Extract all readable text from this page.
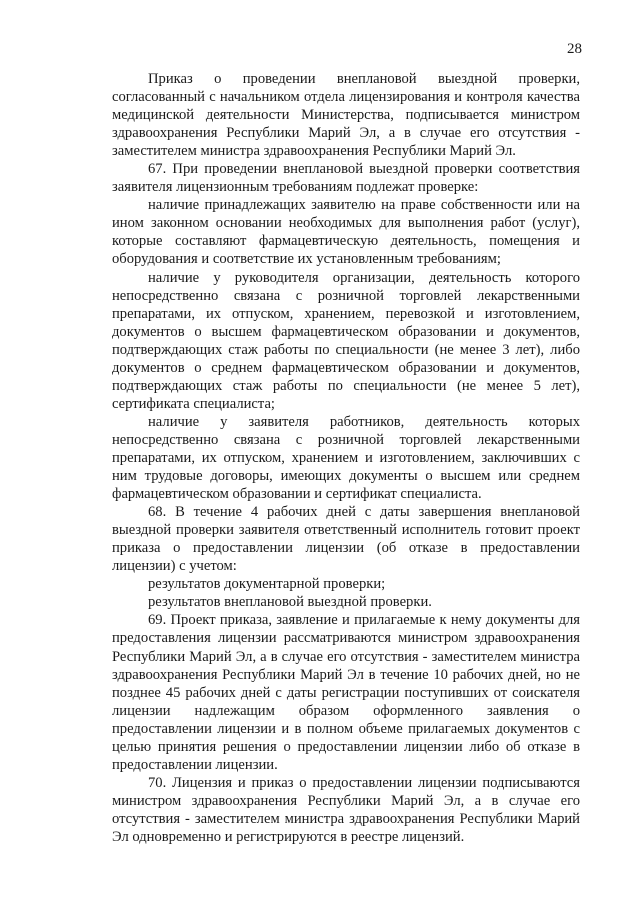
28

Приказ о проведении внеплановой выездной проверки, согласованный с начальником отдела лицензирования и контроля качества медицинской деятельности Министерства, подписывается министром здравоохранения Республики Марий Эл, а в случае его отсутствия - заместителем министра здравоохранения Республики Марий Эл.

67. При проведении внеплановой выездной проверки соответствия заявителя лицензионным требованиям подлежат проверке:

наличие принадлежащих заявителю на праве собственности или на ином законном основании необходимых для выполнения работ (услуг), которые составляют фармацевтическую деятельность, помещения и оборудования и соответствие их установленным требованиям;

наличие у руководителя организации, деятельность которого непосредственно связана с розничной торговлей лекарственными препаратами, их отпуском, хранением, перевозкой и изготовлением, документов о высшем фармацевтическом образовании и документов, подтверждающих стаж работы по специальности (не менее 3 лет), либо документов о среднем фармацевтическом образовании и документов, подтверждающих стаж работы по специальности (не менее 5 лет), сертификата специалиста;

наличие у заявителя работников, деятельность которых непосредственно связана с розничной торговлей лекарственными препаратами, их отпуском, хранением и изготовлением, заключивших с ним трудовые договоры, имеющих документы о высшем или среднем фармацевтическом образовании и сертификат специалиста.

68. В течение 4 рабочих дней с даты завершения внеплановой выездной проверки заявителя ответственный исполнитель готовит проект приказа о предоставлении лицензии (об отказе в предоставлении лицензии) с учетом:

результатов документарной проверки;

результатов внеплановой выездной проверки.

69. Проект приказа, заявление и прилагаемые к нему документы для предоставления лицензии рассматриваются министром здравоохранения Республики Марий Эл, а в случае его отсутствия - заместителем министра здравоохранения Республики Марий Эл в течение 10 рабочих дней, но не позднее 45 рабочих дней с даты регистрации поступивших от соискателя лицензии надлежащим образом оформленного заявления о предоставлении лицензии и в полном объеме прилагаемых документов с целью принятия решения о предоставлении лицензии либо об отказе в предоставлении лицензии.

70. Лицензия и приказ о предоставлении лицензии подписываются министром здравоохранения Республики Марий Эл, а в случае его отсутствия - заместителем министра здравоохранения Республики Марий Эл одновременно и регистрируются в реестре лицензий.
